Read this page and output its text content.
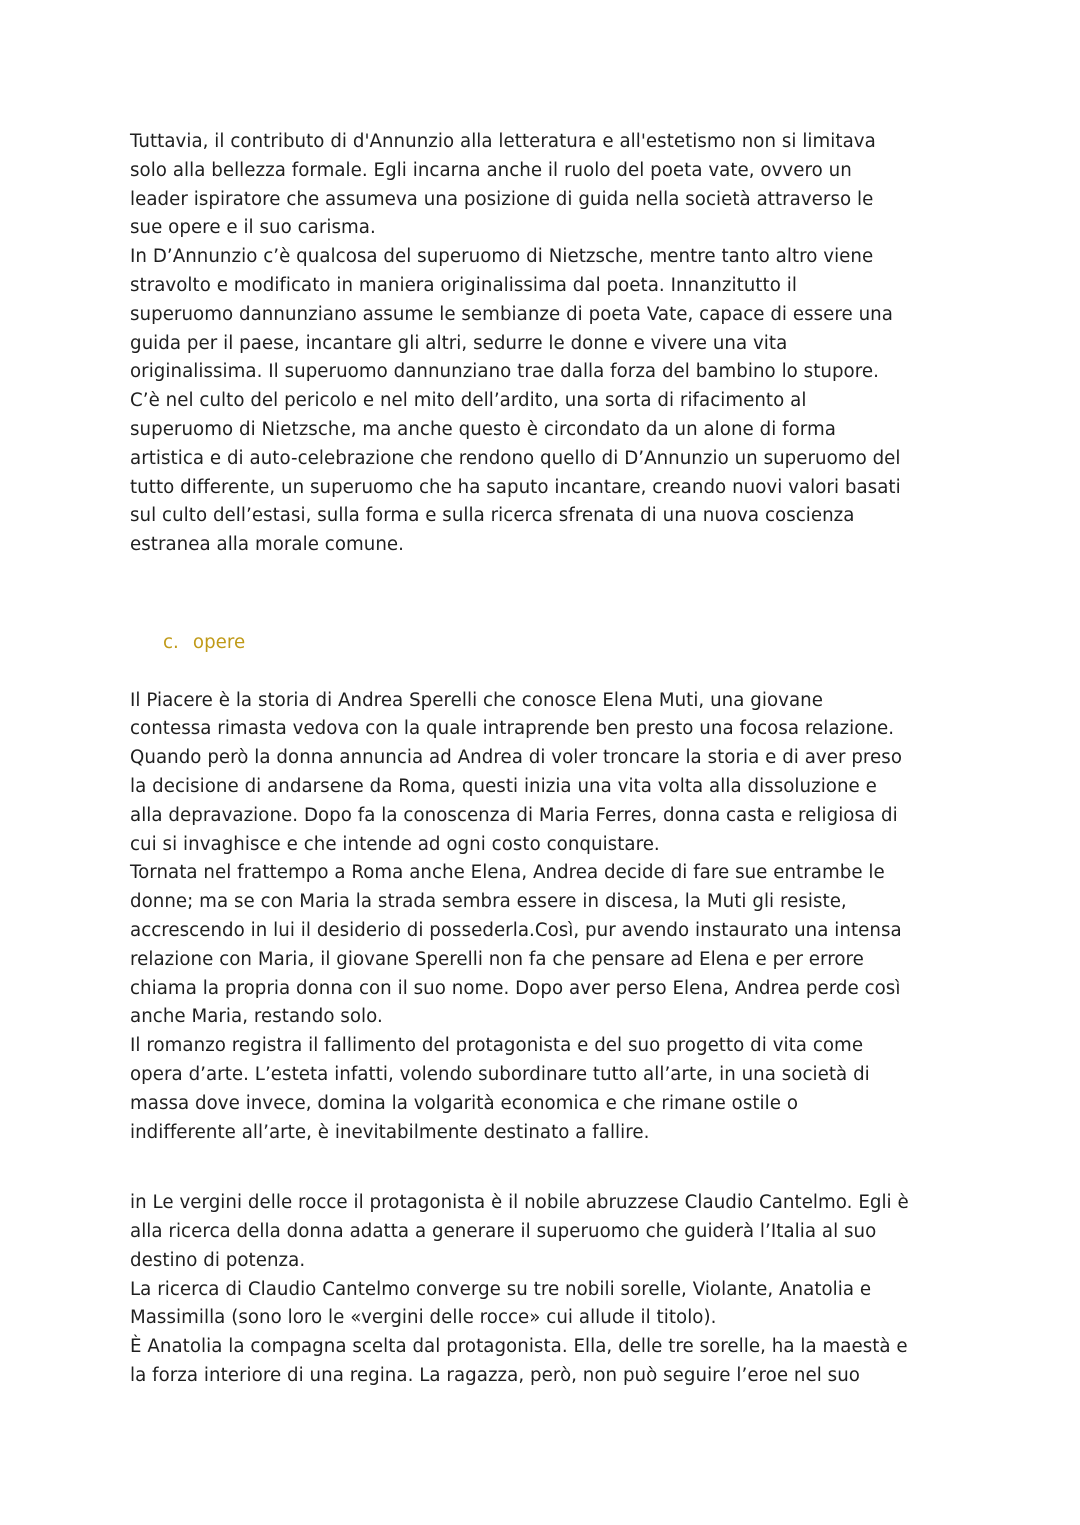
Tuttavia, il contributo di d'Annunzio alla letteratura e all'estetismo non si limitava
solo alla bellezza formale. Egli incarna anche il ruolo del poeta vate, ovvero un
leader ispiratore che assumeva una posizione di guida nella società attraverso le
sue opere e il suo carisma.
In D’Annunzio c’è qualcosa del superuomo di Nietzsche, mentre tanto altro viene
stravolto e modificato in maniera originalissima dal poeta. Innanzitutto il
superuomo dannunziano assume le sembianze di poeta Vate, capace di essere una
guida per il paese, incantare gli altri, sedurre le donne e vivere una vita
originalissima. Il superuomo dannunziano trae dalla forza del bambino lo stupore.
C’è nel culto del pericolo e nel mito dell’ardito, una sorta di rifacimento al
superuomo di Nietzsche, ma anche questo è circondato da un alone di forma
artistica e di auto-celebrazione che rendono quello di D’Annunzio un superuomo del
tutto differente, un superuomo che ha saputo incantare, creando nuovi valori basati
sul culto dell’estasi, sulla forma e sulla ricerca sfrenata di una nuova coscienza
estranea alla morale comune.
c. opere
Il Piacere è la storia di Andrea Sperelli che conosce Elena Muti, una giovane
contessa rimasta vedova con la quale intraprende ben presto una focosa relazione.
Quando però la donna annuncia ad Andrea di voler troncare la storia e di aver preso
la decisione di andarsene da Roma, questi inizia una vita volta alla dissoluzione e
alla depravazione. Dopo fa la conoscenza di Maria Ferres, donna casta e religiosa di
cui si invaghisce e che intende ad ogni costo conquistare.
Tornata nel frattempo a Roma anche Elena, Andrea decide di fare sue entrambe le
donne; ma se con Maria la strada sembra essere in discesa, la Muti gli resiste,
accrescendo in lui il desiderio di possederla.Così, pur avendo instaurato una intensa
relazione con Maria, il giovane Sperelli non fa che pensare ad Elena e per errore
chiama la propria donna con il suo nome. Dopo aver perso Elena, Andrea perde così
anche Maria, restando solo.
Il romanzo registra il fallimento del protagonista e del suo progetto di vita come
opera d’arte. L’esteta infatti, volendo subordinare tutto all’arte, in una società di
massa dove invece, domina la volgarità economica e che rimane ostile o
indifferente all’arte, è inevitabilmente destinato a fallire.
in Le vergini delle rocce il protagonista è il nobile abruzzese Claudio Cantelmo. Egli è
alla ricerca della donna adatta a generare il superuomo che guiderà l’Italia al suo
destino di potenza.
La ricerca di Claudio Cantelmo converge su tre nobili sorelle, Violante, Anatolia e
Massimilla (sono loro le «vergini delle rocce» cui allude il titolo).
È Anatolia la compagna scelta dal protagonista. Ella, delle tre sorelle, ha la maestà e
la forza interiore di una regina. La ragazza, però, non può seguire l’eroe nel suo
